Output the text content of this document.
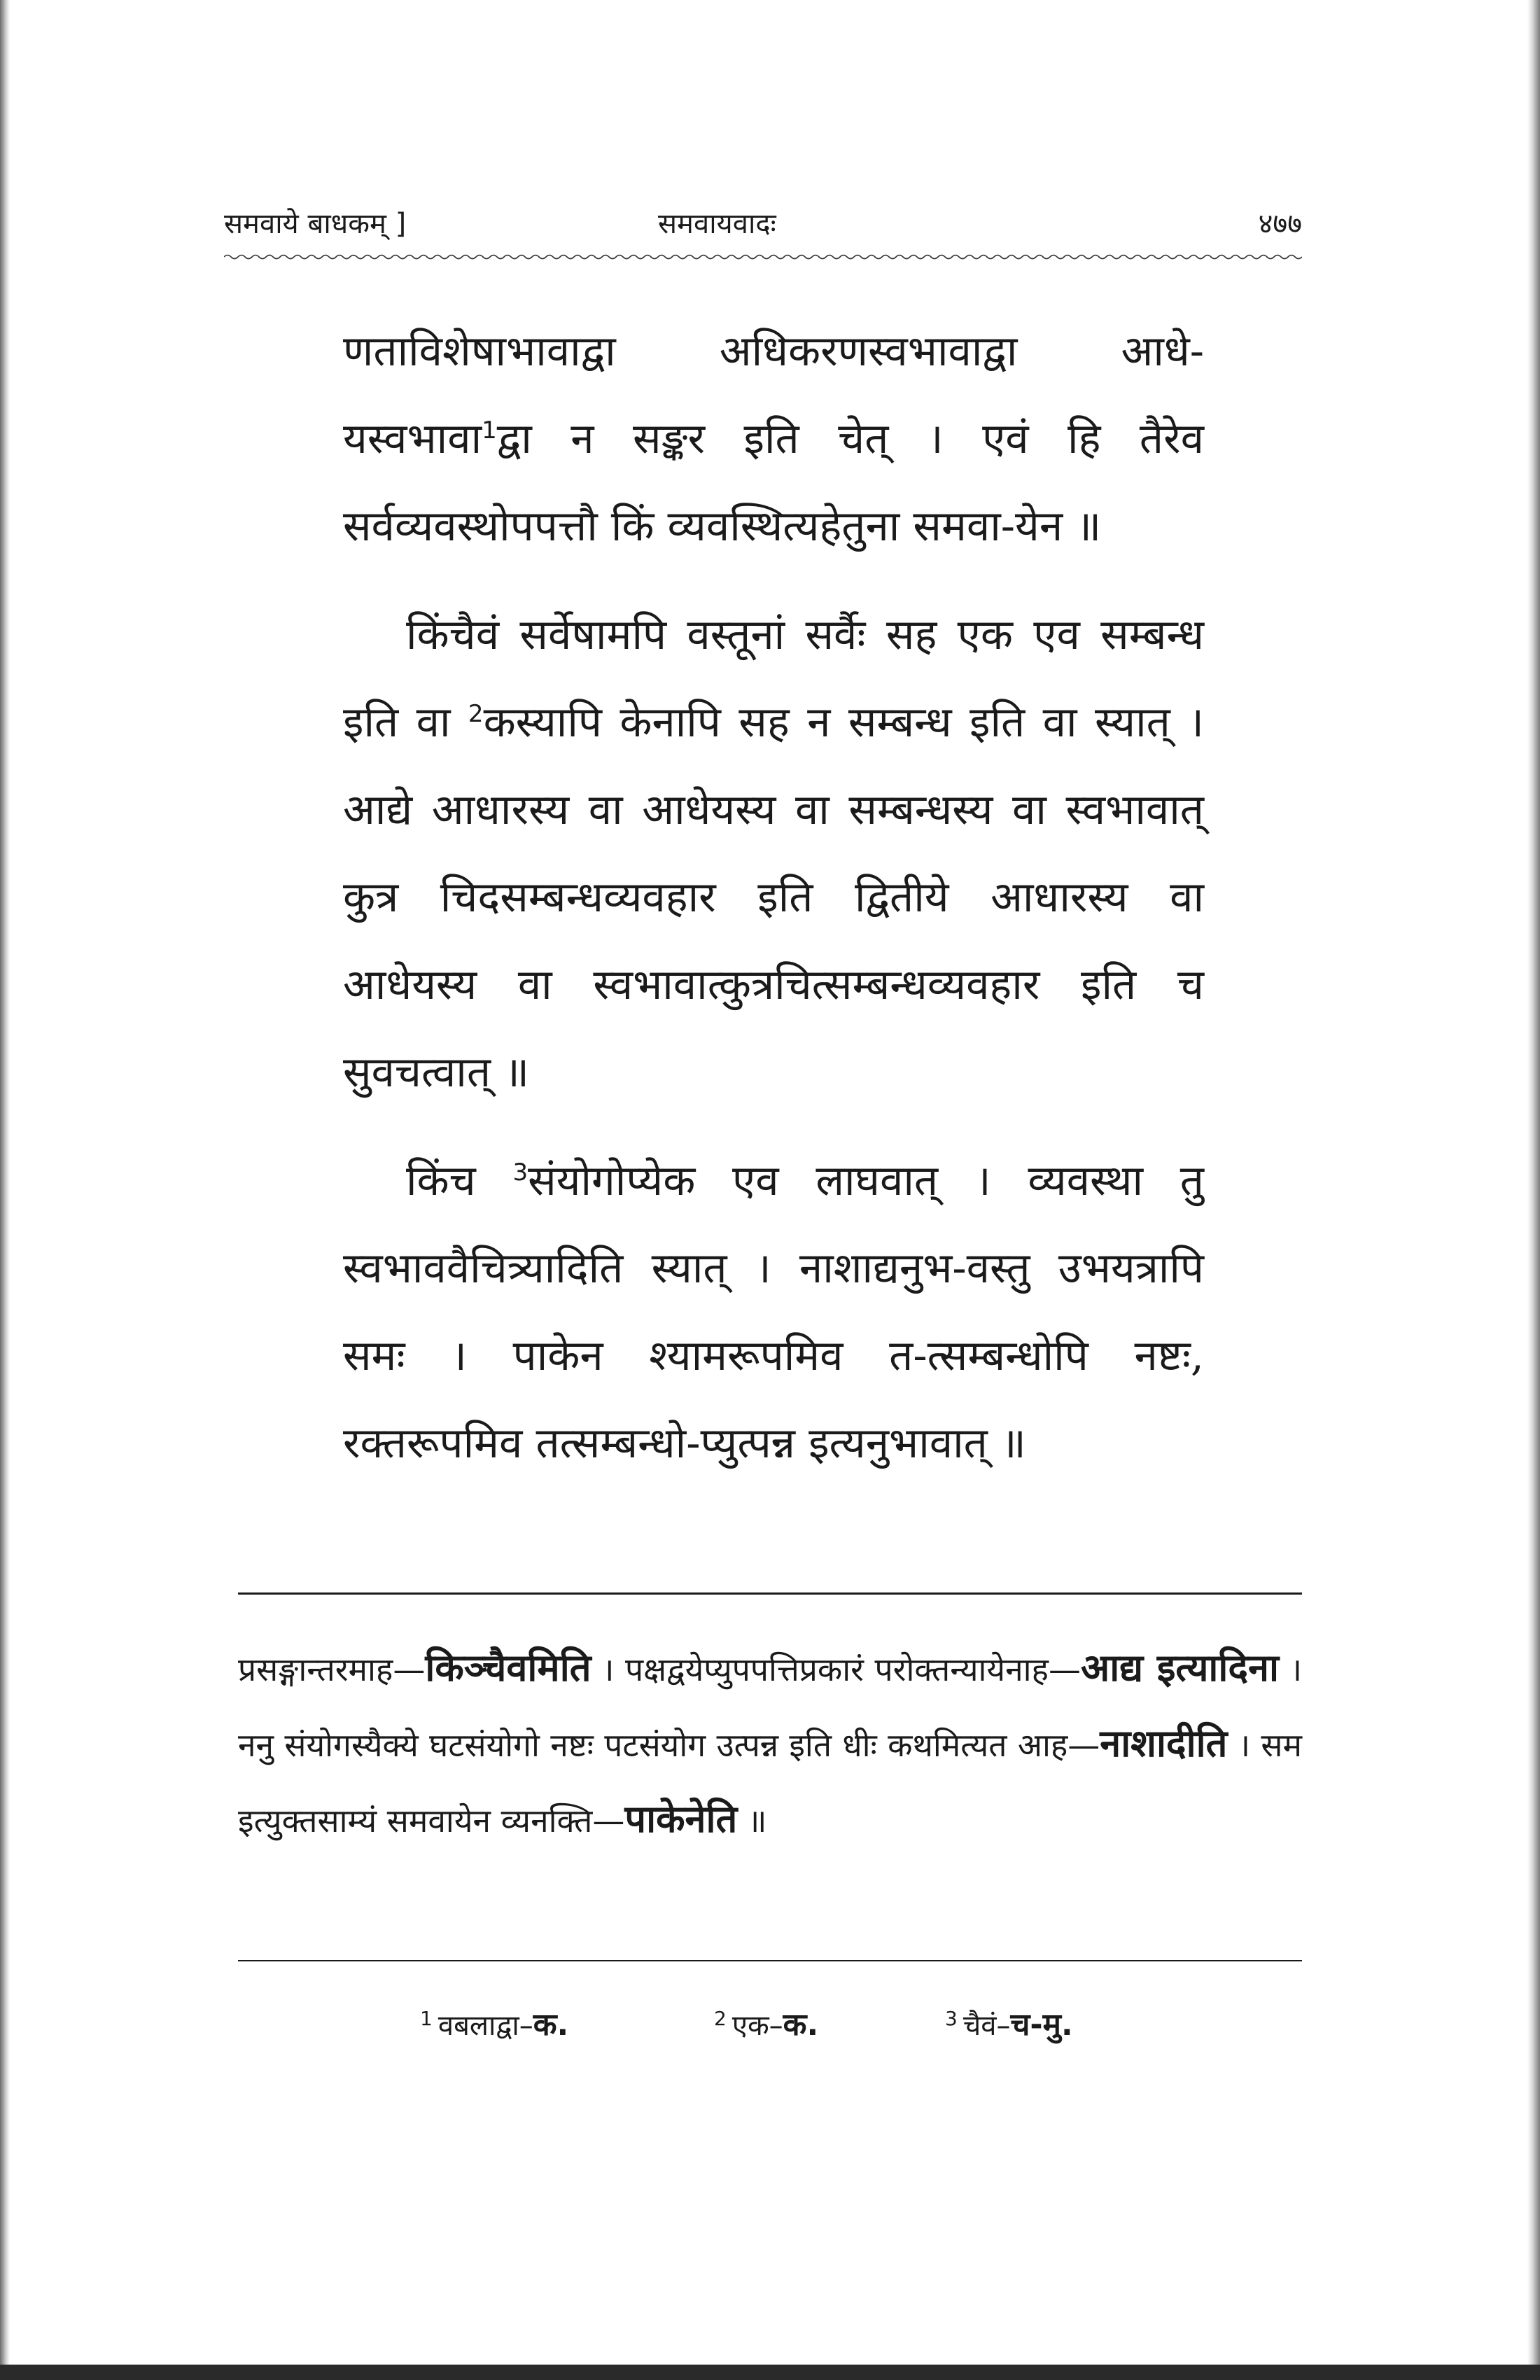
समवाये बाधकम् ]	समवायवादः	४७७

णताविशेषाभावाद्वा अधिकरणस्वभावाद्वा आधे-यस्वभावा$^1$द्वा न सङ्कर इति चेत् । एवं हि तैरेव सर्वव्यवस्थोपपत्तौ किं व्यवस्थित्यहेतुना समवा-येन ॥

किंचैवं सर्वेषामपि वस्तूनां सर्वैः सह एक एव सम्बन्ध इति वा $^2$कस्यापि केनापि सह न सम्बन्ध इति वा स्यात् । आद्ये आधारस्य वा आधेयस्य वा सम्बन्धस्य वा स्वभावात् कुत्र चिदसम्बन्धव्यवहार इति द्वितीये आधारस्य वा आधेयस्य वा स्वभावात्कुत्रचित्सम्बन्धव्यवहार इति च सुवचत्वात् ॥

किंच $^3$संयोगोप्येक एव लाघवात् । व्यवस्था तु स्वभाववैचित्र्यादिति स्यात् । नाशाद्यनुभ-वस्तु उभयत्रापि समः । पाकेन श्यामरूपमिव त-त्सम्बन्धोपि नष्टः, रक्तरूपमिव तत्सम्बन्धो-प्युत्पन्न इत्यनुभावात् ॥

प्रसङ्गान्तरमाह—किञ्चैवमिति । पक्षद्वयेप्युपपत्तिप्रकारं परोक्तन्यायेनाह—आद्य इत्यादिना । ननु संयोगस्यैक्ये घटसंयोगो नष्टः पटसंयोग उत्पन्न इति धीः कथमित्यत आह—नाशादीति । सम इत्युक्तसाम्यं समवायेन व्यनक्ति—पाकेनेति ॥

$^1$ वबलाद्वा–क.	$^2$ एक–क.	$^3$ चैवं–च-मु.
